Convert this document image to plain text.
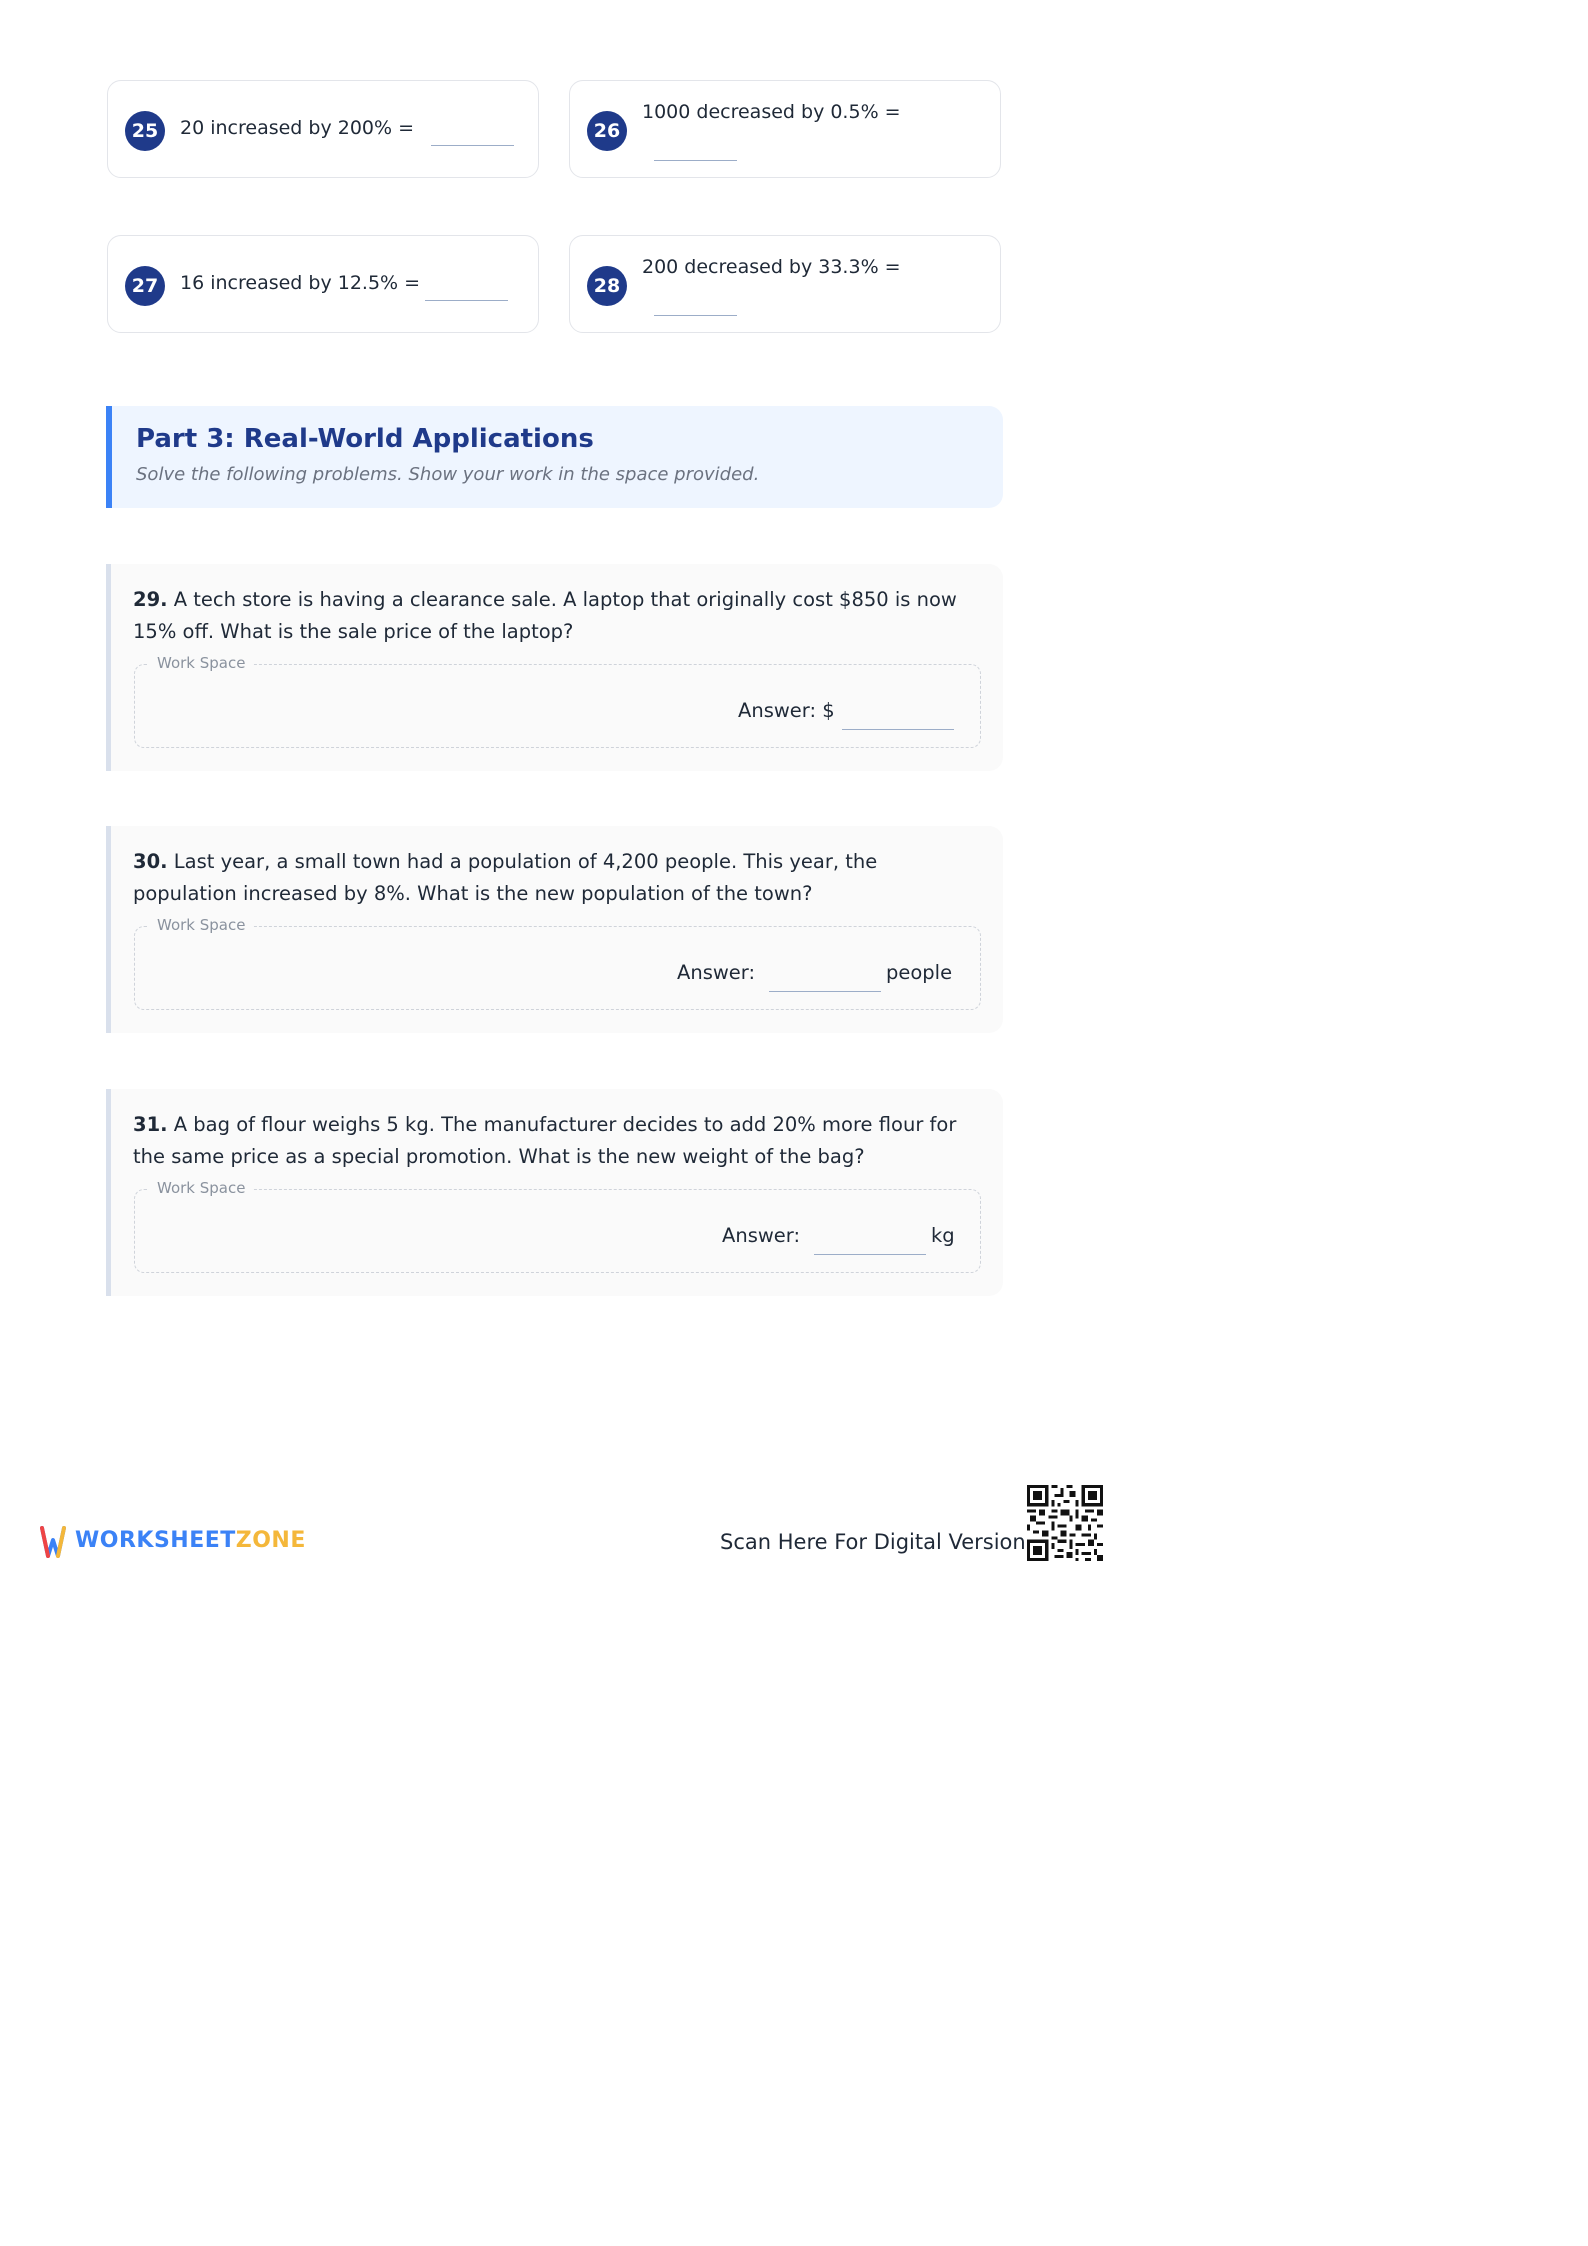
25	20 increased by 200% =	26
1000 decreased by 0.5% =
27	16 increased by 12.5% =	28
200 decreased by 33.3% =
Part 3: Real-World Applications
Solve the following problems. Show your work in the space provided.
29. A tech store is having a clearance sale. A laptop that originally cost $850 is now 15% off. What is the sale price of the laptop?
Work Space
Answer: $
30. Last year, a small town had a population of 4,200 people. This year, the population increased by 8%. What is the new population of the town?
Work Space
Answer:	people
31. A bag of flour weighs 5 kg. The manufacturer decides to add 20% more flour for the same price as a special promotion. What is the new weight of the bag?
Work Space
Answer:	kg
WORKSHEETZONE	Scan Here For Digital Version
